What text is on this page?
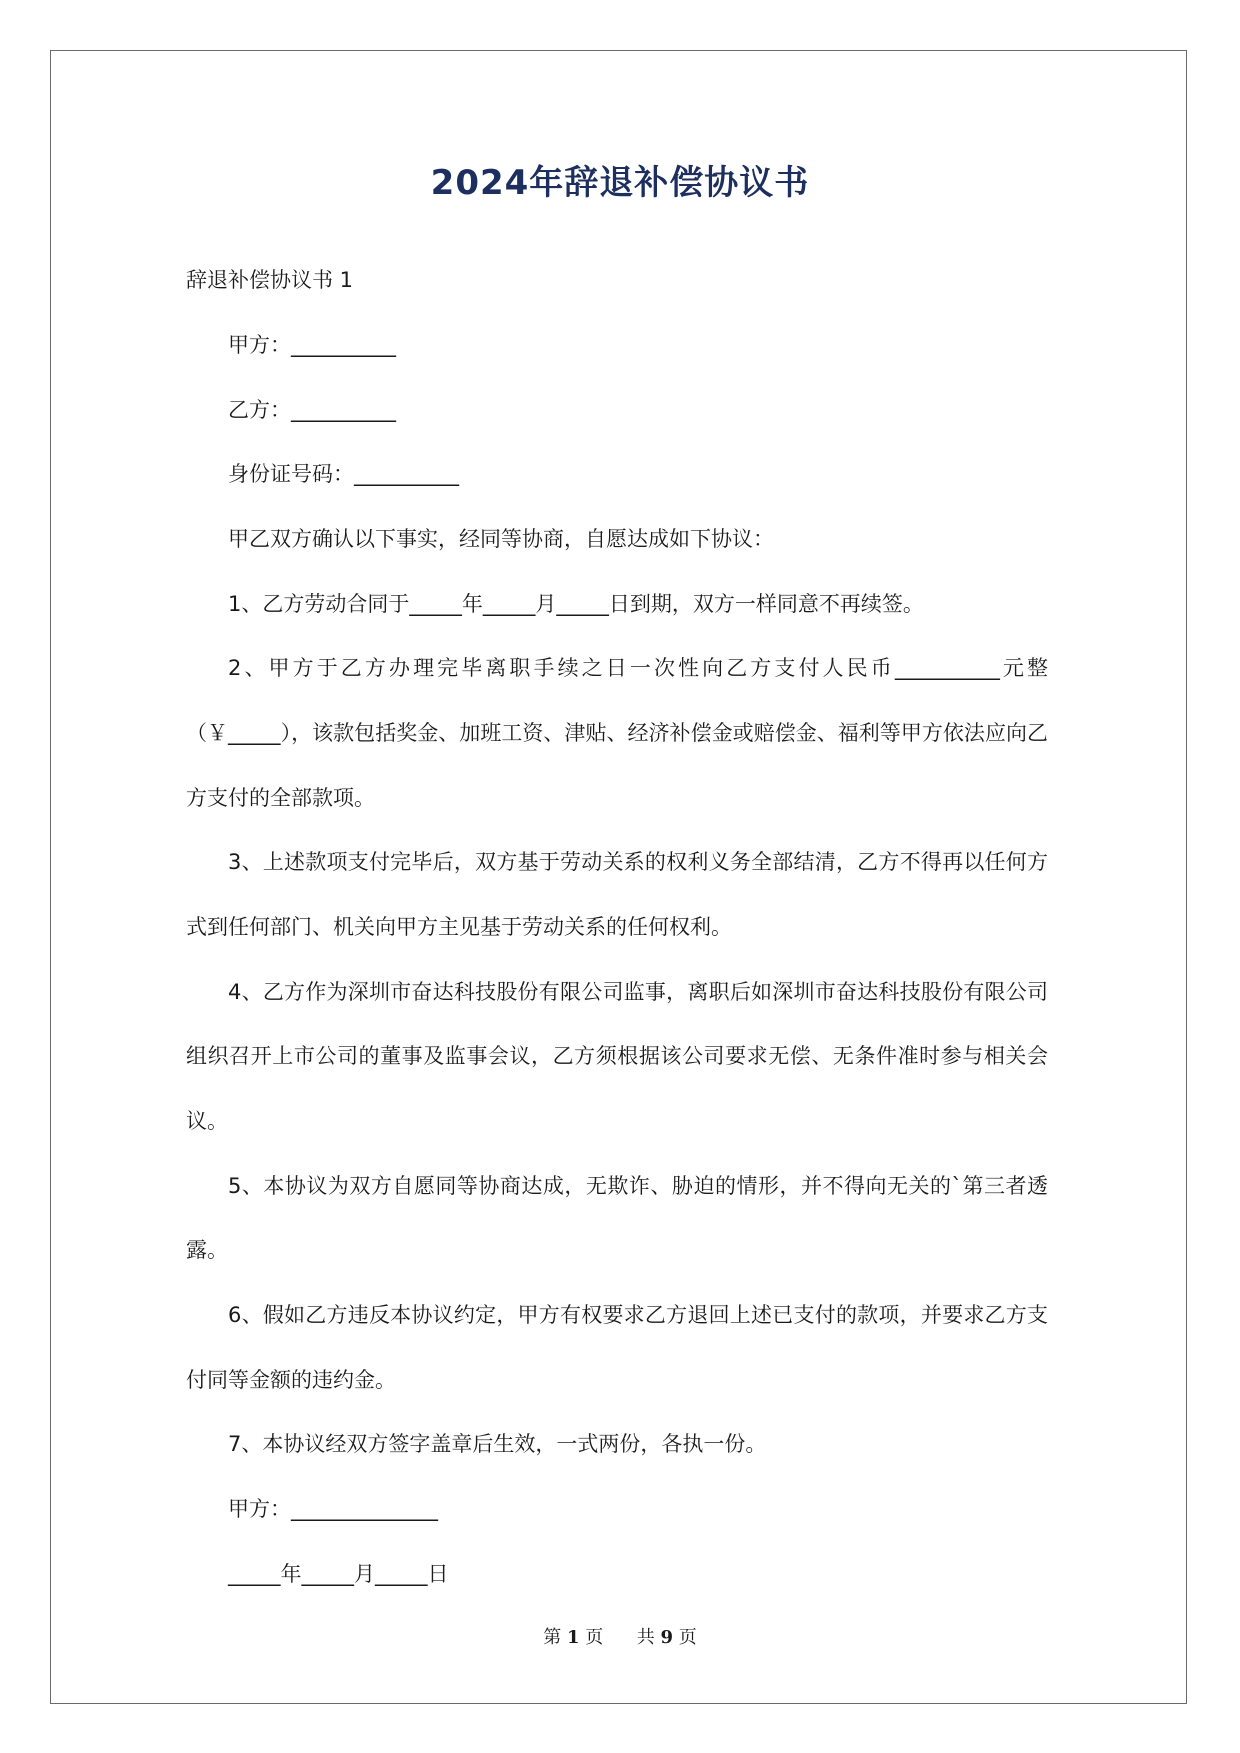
2024年辞退补偿协议书
辞退补偿协议书 1
甲方：__________
乙方：__________
身份证号码：__________
甲乙双方确认以下事实，经同等协商，自愿达成如下协议：
1、乙方劳动合同于_____年_____月_____日到期，双方一样同意不再续签。
2、甲方于乙方办理完毕离职手续之日一次性向乙方支付人民币__________元整
（￥_____），该款包括奖金、加班工资、津贴、经济补偿金或赔偿金、福利等甲方依法应向乙
方支付的全部款项。
3、上述款项支付完毕后，双方基于劳动关系的权利义务全部结清，乙方不得再以任何方
式到任何部门、机关向甲方主见基于劳动关系的任何权利。
4、乙方作为深圳市奋达科技股份有限公司监事，离职后如深圳市奋达科技股份有限公司
组织召开上市公司的董事及监事会议，乙方须根据该公司要求无偿、无条件准时参与相关会
议。
5、本协议为双方自愿同等协商达成，无欺诈、胁迫的情形，并不得向无关的`第三者透
露。
6、假如乙方违反本协议约定，甲方有权要求乙方退回上述已支付的款项，并要求乙方支
付同等金额的违约金。
7、本协议经双方签字盖章后生效，一式两份，各执一份。
甲方：______________
_____年_____月_____日
第 1 页 共 9 页
